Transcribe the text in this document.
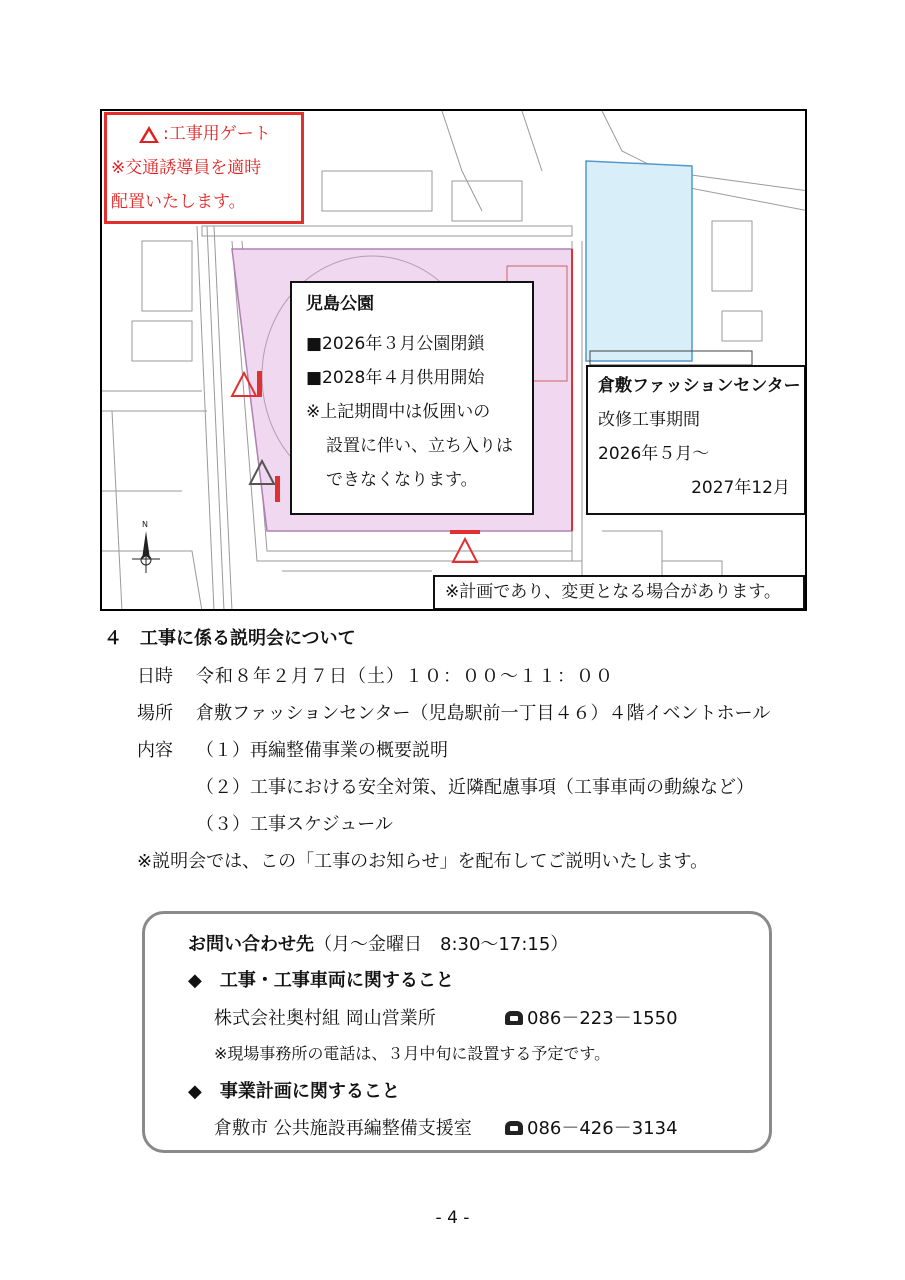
N
:工事用ゲート
※交通誘導員を適時
配置いたします。
児島公園
■2026年３月公園閉鎖
■2028年４月供用開始
※上記期間中は仮囲いの
設置に伴い、立ち入りは
できなくなります。
倉敷ファッションセンター
改修工事期間
2026年５月～
2027年12月
※計画であり、変更となる場合があります。
４　工事に係る説明会について
日時 令和８年２月７日（土）１０：００～１１：００
場所 倉敷ファッションセンター（児島駅前一丁目４６）４階イベントホール
内容 （１）再編整備事業の概要説明
（２）工事における安全対策、近隣配慮事項（工事車両の動線など）
（３）工事スケジュール
※説明会では、この「工事のお知らせ」を配布してご説明いたします。
お問い合わせ先（月～金曜日　8:30～17:15）
◆　工事・工事車両に関すること
株式会社奥村組 岡山営業所	086－223－1550
※現場事務所の電話は、３月中旬に設置する予定です。
◆　事業計画に関すること
倉敷市 公共施設再編整備支援室	086－426－3134
- 4 -
